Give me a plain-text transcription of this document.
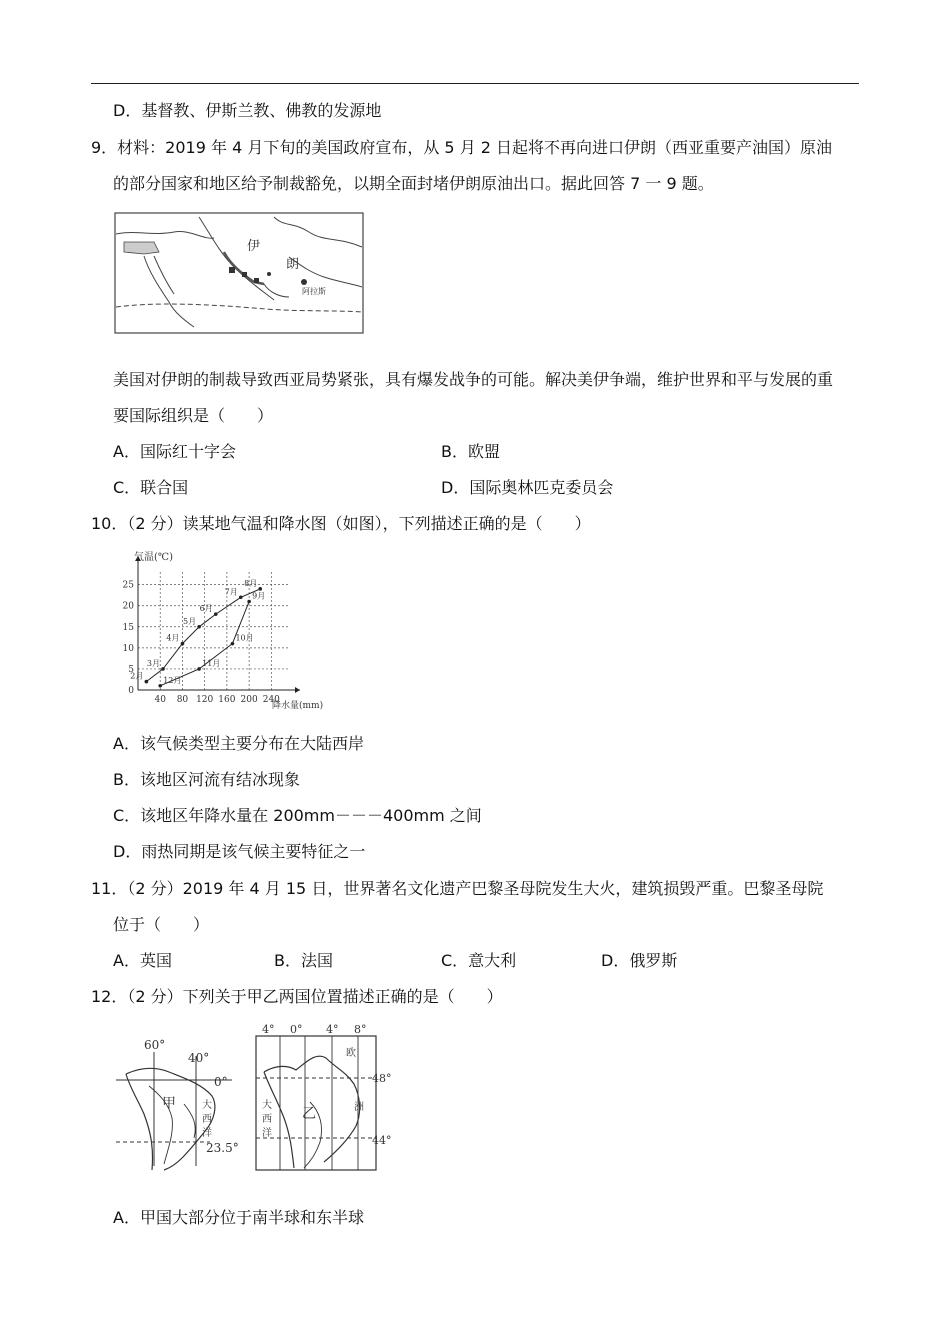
D．基督教、伊斯兰教、佛教的发源地
9．材料：2019 年 4 月下旬的美国政府宣布，从 5 月 2 日起将不再向进口伊朗（西亚重要产油国）原油
的部分国家和地区给予制裁豁免，以期全面封堵伊朗原油出口。据此回答 7 一 9 题。
伊
朗
阿拉斯
美国对伊朗的制裁导致西亚局势紧张，具有爆发战争的可能。解决美伊争端，维护世界和平与发展的重
要国际组织是（　　）
A．国际红十字会	B．欧盟
C．联合国	D．国际奥林匹克委员会
10．（2 分）读某地气温和降水图（如图），下列描述正确的是（　　）
0
5
10
15
20
25
40 80 120 160 200 240
2月
3月
4月
5月
6月
7月
8月
12月
11月
10月
9月
气温(℃)
降水量(mm)
A．该气候类型主要分布在大陆西岸
B．该地区河流有结冰现象
C．该地区年降水量在 200mm－－－400mm 之间
D．雨热同期是该气候主要特征之一
11．（2 分）2019 年 4 月 15 日，世界著名文化遗产巴黎圣母院发生大火，建筑损毁严重。巴黎圣母院
位于（　　）
A．英国	B．法国	C．意大利	D．俄罗斯
12．（2 分）下列关于甲乙两国位置描述正确的是（　　）
60°
40°
0°
甲	大
西
洋
23.5°
4° 0° 4° 8°
48°
44°
乙
大
西
洋
欧
洲
A．甲国大部分位于南半球和东半球
